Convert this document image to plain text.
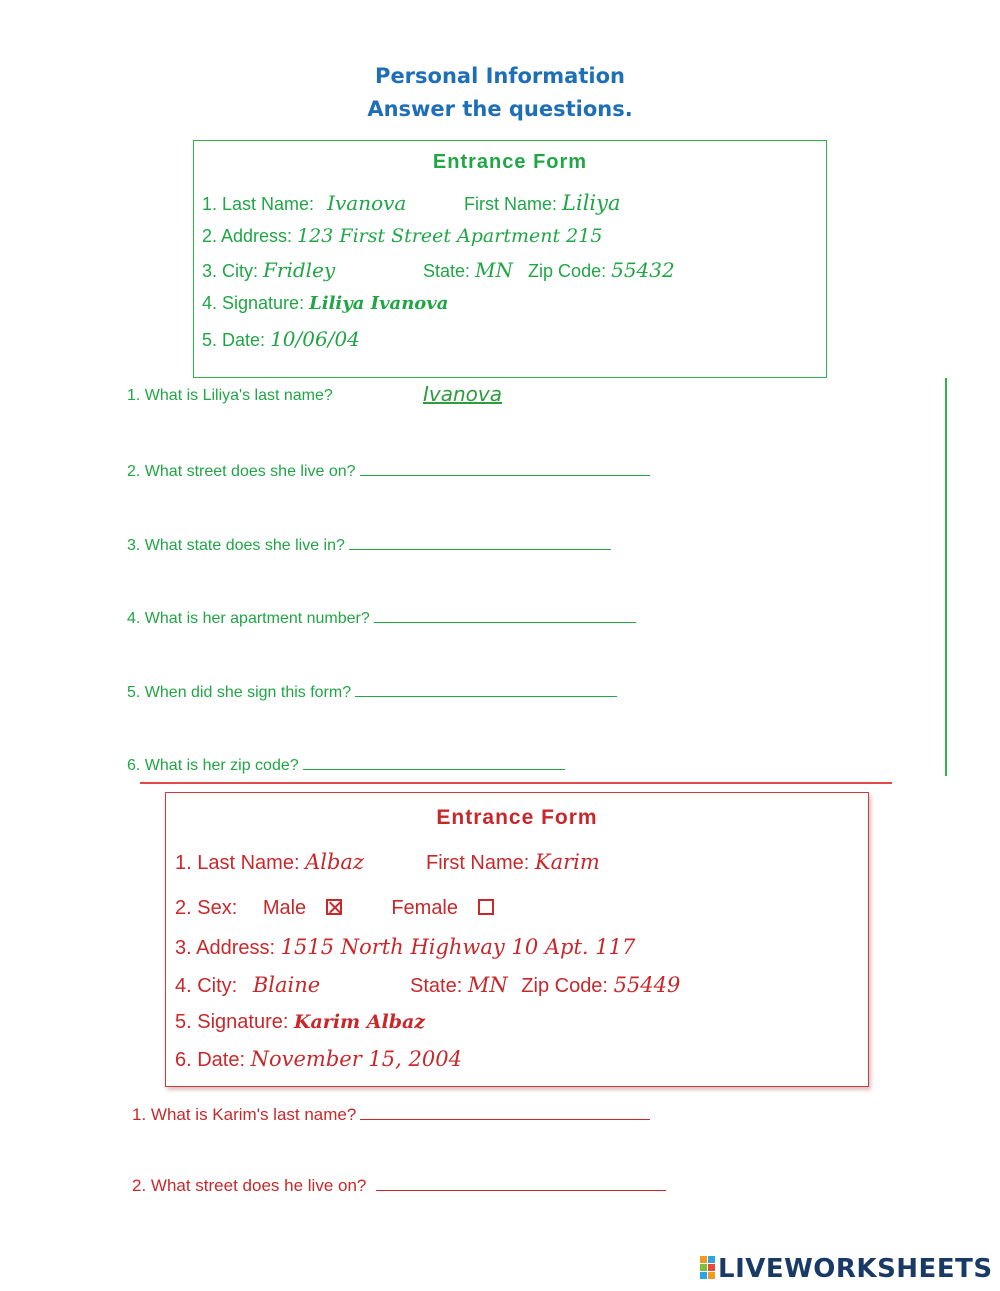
Personal Information
Answer the questions.
Entrance Form
1. Last Name: Ivanova	First Name: Liliya
2. Address: 123 First Street Apartment 215
3. City: Fridley	State: MN Zip Code: 55432
4. Signature: Liliya Ivanova
5. Date: 10/06/04
1. What is Liliya's last name?	Ivanova
2. What street does she live on?
3. What state does she live in?
4. What is her apartment number?
5. When did she sign this form?
6. What is her zip code?
Entrance Form
1. Last Name: Albaz	First Name: Karim
2. Sex: Male	Female
3. Address: 1515 North Highway 10 Apt. 117
4. City: Blaine	State: MN Zip Code: 55449
5. Signature: Karim Albaz
6. Date: November 15, 2004
1. What is Karim's last name?
2. What street does he live on?
LIVEWORKSHEETS
